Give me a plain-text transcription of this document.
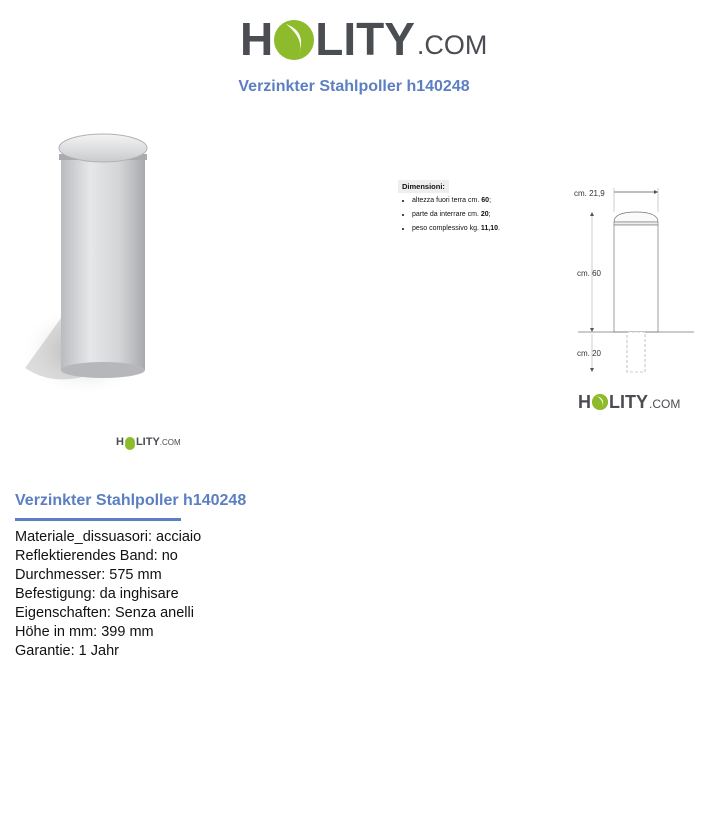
H LITY .COM
Verzinkter Stahlpoller h140248
H LITY .COM
Dimensioni:
• altezza fuori terra cm. 60;
• parte da interrare cm. 20;
• peso complessivo kg. 11,10.
cm. 21,9
cm. 60
cm. 20
H LITY .COM
Verzinkter Stahlpoller h140248
Materiale_dissuasori: acciaio
Reflektierendes Band: no
Durchmesser: 575 mm
Befestigung: da inghisare
Eigenschaften: Senza anelli
Höhe in mm: 399 mm
Garantie: 1 Jahr
